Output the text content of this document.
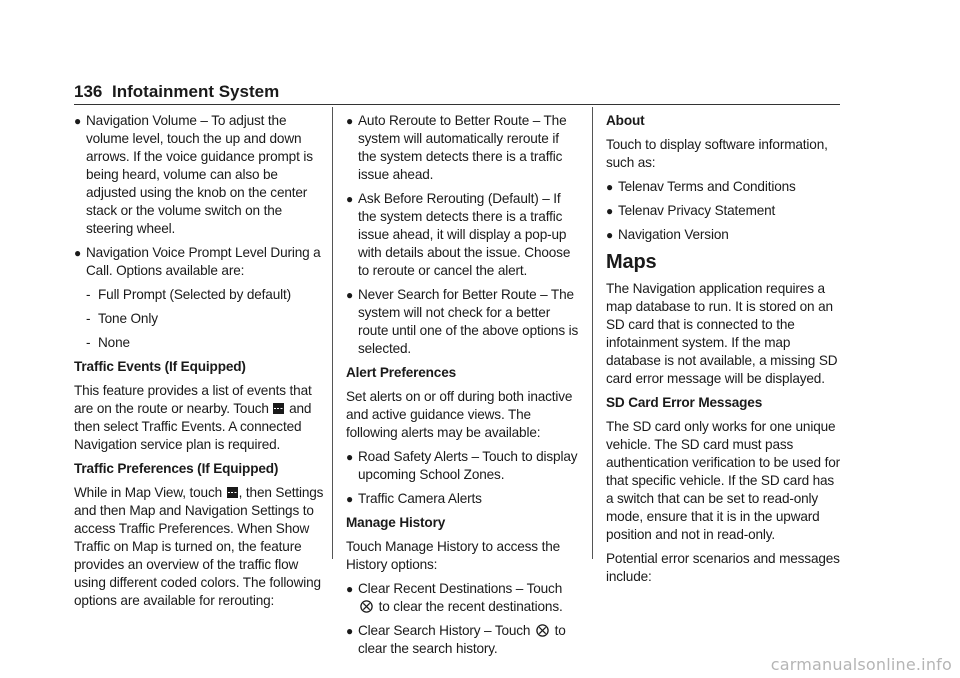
136 Infotainment System
● Navigation Volume – To adjust the volume level, touch the up and down arrows. If the voice guidance prompt is being heard, volume can also be adjusted using the knob on the center stack or the volume switch on the steering wheel.
● Navigation Voice Prompt Level During a Call. Options available are:
- Full Prompt (Selected by default)
- Tone Only
- None

Traffic Events (If Equipped)

This feature provides a list of events that are on the route or nearby. Touch and then select Traffic Events. A connected Navigation service plan is required.

Traffic Preferences (If Equipped)

While in Map View, touch , then Settings and then Map and Navigation Settings to access Traffic Preferences. When Show Traffic on Map is turned on, the feature provides an overview of the traffic flow using different coded colors. The following options are available for rerouting:

● Auto Reroute to Better Route – The system will automatically reroute if the system detects there is a traffic issue ahead.
● Ask Before Rerouting (Default) – If the system detects there is a traffic issue ahead, it will display a pop-up with details about the issue. Choose to reroute or cancel the alert.
● Never Search for Better Route – The system will not check for a better route until one of the above options is selected.

Alert Preferences

Set alerts on or off during both inactive and active guidance views. The following alerts may be available:

● Road Safety Alerts – Touch to display upcoming School Zones.
● Traffic Camera Alerts

Manage History

Touch Manage History to access the History options:

● Clear Recent Destinations – Touch  to clear the recent destinations.
● Clear Search History – Touch to clear the search history.

About

Touch to display software information, such as:

● Telenav Terms and Conditions
● Telenav Privacy Statement
● Navigation Version
Maps

The Navigation application requires a map database to run. It is stored on an SD card that is connected to the infotainment system. If the map database is not available, a missing SD card error message will be displayed.

SD Card Error Messages

The SD card only works for one unique vehicle. The SD card must pass authentication verification to be used for that specific vehicle. If the SD card has a switch that can be set to read-only mode, ensure that it is in the upward position and not in read-only.

Potential error scenarios and messages include:

carmanualsonline.info
